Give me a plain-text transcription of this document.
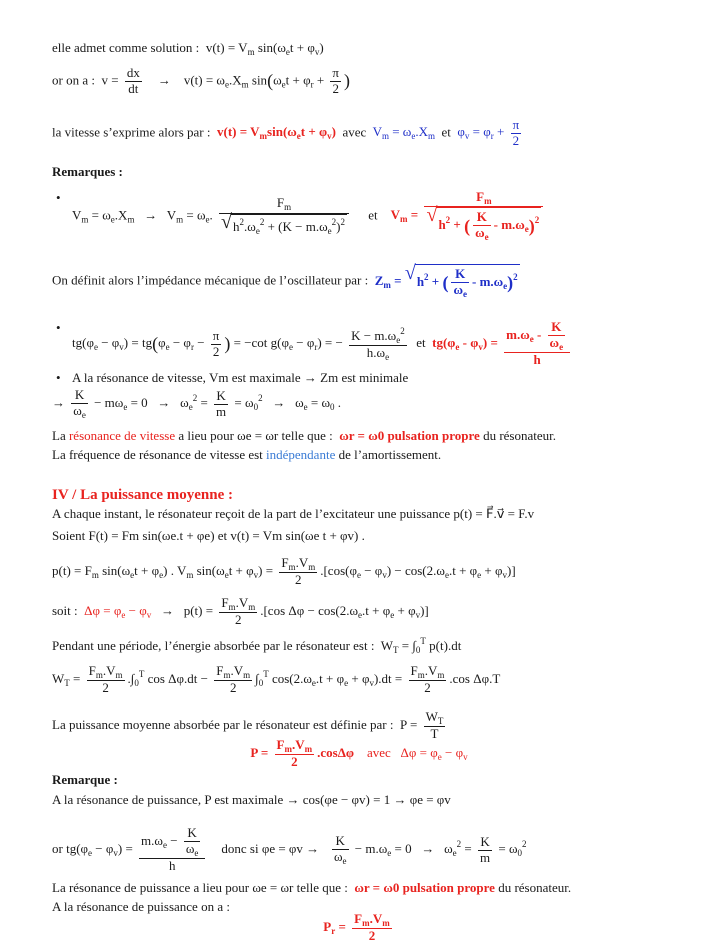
elle admet comme solution :  $v(t) = V_m$ $\sin(\omega_et + \varphi_v)$
or on a :  $v = \frac{dx}{dt}$ →    $v(t) = \omega_e.X_m$ $\sin(\omega_et + \varphi_r + \frac{\pi}{2}$ )
la vitesse s’exprime alors par : $v(t) = V_m\sin(\omega_et + \varphi_v)$ avec $V_m = \omega_e.X_m$ et $\varphi_v = \varphi_r + \frac{\pi}{2}$
Remarques :
• $V_m = \omega_e.X_m \to V_m = \omega_e$. $F_m$
√ $h^2.\omega_e^2 + (K - m.\omega_e^2)^2$ et    $V_m = F_m$
√ $h^2$ + ( $\frac{K}{\omega_e} - m.\omega_e)^2$
On définit alors l’impédance mécanique de l’oscillateur par : $Z_m$ = √ $h^2$ + ( $\frac{K}{\omega_e} - m.\omega_e)^2$
• $tg(\varphi_e - \varphi_v) = tg(\varphi_e - \varphi_r - \frac{\pi}{2}$ ) = −cot $g(\varphi_e - \varphi_r)$ = − $\frac{K - m.\omega_e^2}{h.\omega_e}$ et  $tg(\varphi_e - \varphi_v) = \frac{m.\omega_e - \frac{K}{\omega_e}}{h}$
• A la résonance de vitesse, Vm est maximale → Zm est minimale
→ $\frac{K}{\omega_e} - m\omega_e = 0 \to \omega_e^2 = \frac{K}{m} = \omega_0^2 \to \omega_e = \omega_0$ .
La résonance de vitesse a lieu pour ωe = ωr telle que : ωr = ω0 pulsation propre du résonateur.
La fréquence de résonance de vitesse est indépendante de l’amortissement.
IV / La puissance moyenne :
A chaque instant, le résonateur reçoit de la part de l’excitateur une puissance p(t) = F⃗.v⃗ = F.v
Soient F(t) = Fm sin(ωe.t + φe) et v(t) = Vm sin(ωe t + φv) .
$p(t) = F_m$ $\sin(\omega_et + \varphi_e)$ . $V_m$ $\sin(\omega_et + \varphi_v) = \frac{F_m.V_m}{2} .[\cos(\varphi_e - \varphi_v) - \cos(2.\omega_e.t + \varphi_e + \varphi_v)]$
soit : $\Delta\varphi = \varphi_e - \varphi_v \to p(t) = \frac{F_m.V_m}{2} .[\cos$ $\Delta\varphi - \cos(2.\omega_e.t + \varphi_e + \varphi_v)$]
Pendant une période, l’énergie absorbée par le résonateur est :  $W_T = \int_0^T$ p(t).dt
$W_T = \frac{F_m.V_m}{2} .\int_0^T$ $\cos \Delta\varphi.dt - \frac{F_m.V_m}{2} \int_0^T$ $\cos(2.\omega_e.t + \varphi_e + \varphi_v).dt = \frac{F_m.V_m}{2} .\cos$ Δφ.T
La puissance moyenne absorbée par le résonateur est définie par :  $P = \frac{W_T}{T}$
$P = \frac{F_m.V_m}{2} .\cos\Delta\varphi$    avec   $\Delta\varphi = \varphi_e - \varphi_v$
Remarque :
A la résonance de puissance, P est maximale → cos(φe − φv) = 1 → φe = φv
or $tg(\varphi_e - \varphi_v) = \frac{m.\omega_e - \frac{K}{\omega_e}}{h}$ donc si $\varphi e = \varphi v \to \frac{K}{\omega_e} - m.\omega_e = 0 \to \omega_e^2 = \frac{K}{m} = \omega_0^2$
La résonance de puissance a lieu pour ωe = ωr telle que : ωr = ω0 pulsation propre du résonateur.
A la résonance de puissance on a :
$P_r = \frac{F_m.V_m}{2}$
